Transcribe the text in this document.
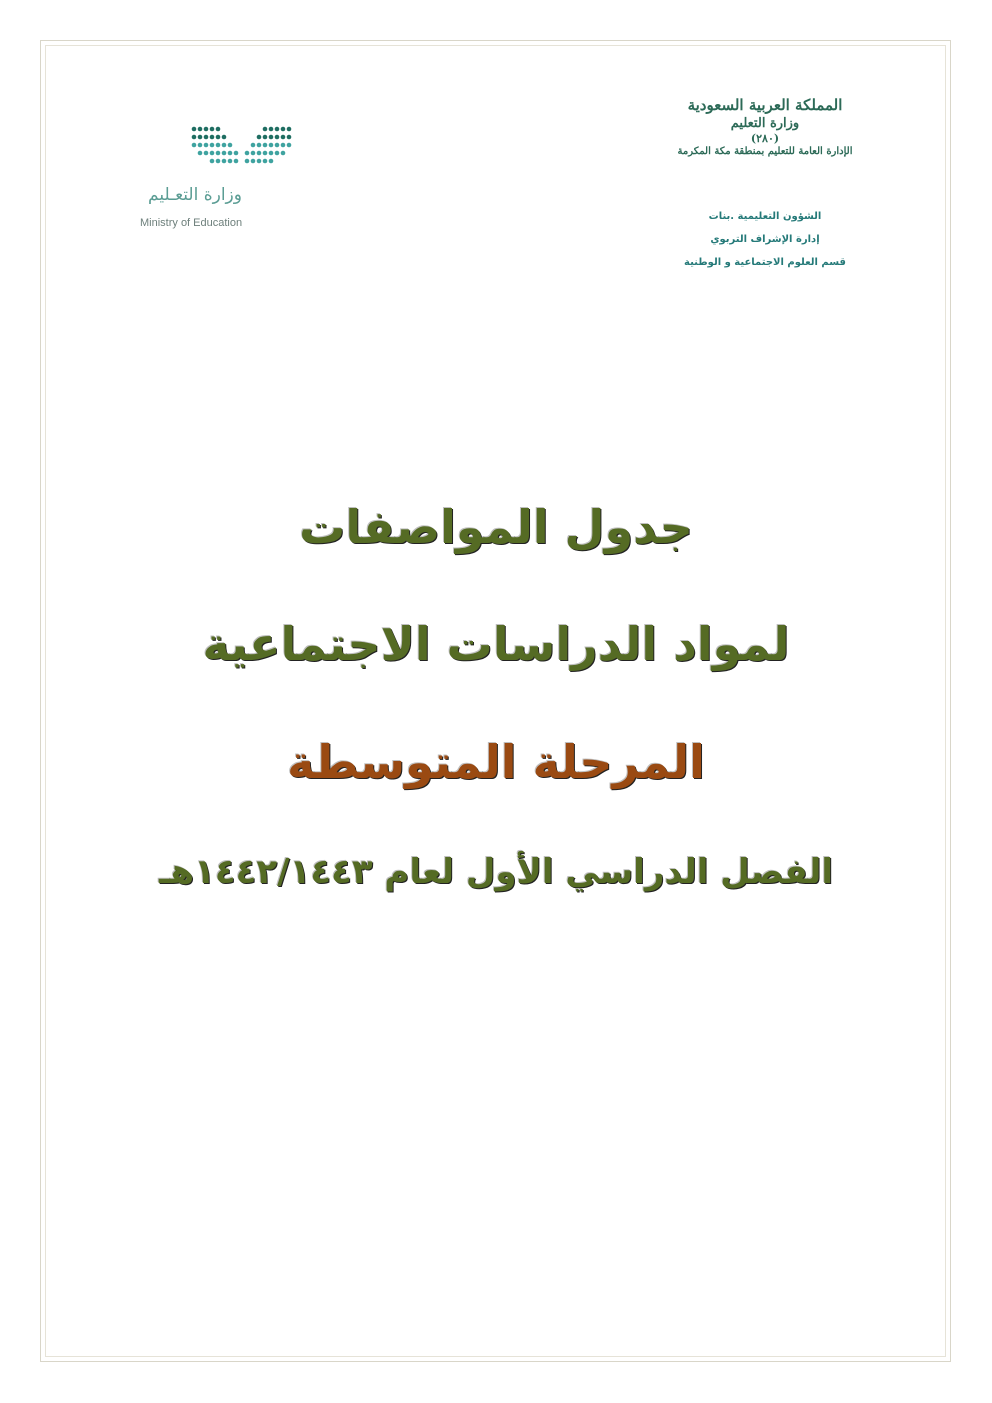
المملكة العربية السعودية
وزارة التعليم
(٢٨٠)
الإدارة العامة للتعليم بمنطقة مكة المكرمة
الشؤون التعليمية .بنات
إدارة الإشراف التربوي
قسم العلوم الاجتماعية و الوطنية
وزارة التعـليم
Ministry of Education
جدول المواصفات
لمواد الدراسات الاجتماعية
المرحلة المتوسطة
الفصل الدراسي الأول لعام ١٤٤٢/١٤٤٣هـ
